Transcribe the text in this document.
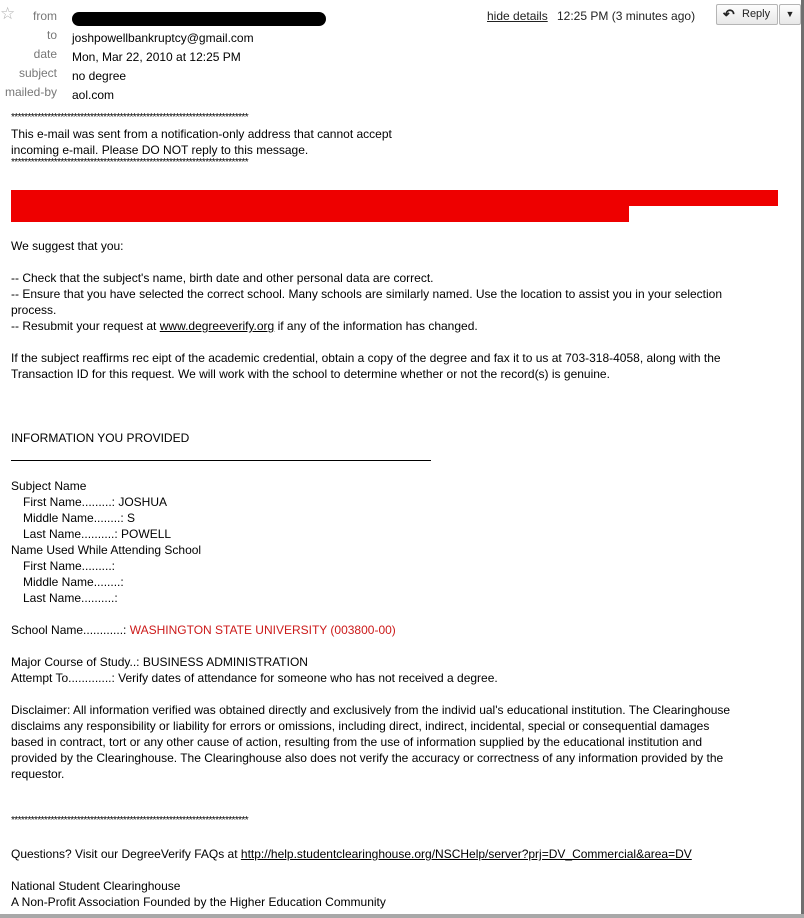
☆	from
to joshpowellbankruptcy@gmail.com
date Mon, Mar 22, 2010 at 12:25 PM
subject no degree
mailed-by aol.com
hide details 12:25 PM (3 minutes ago) ↶ Reply	▼
************************************************************************
This e-mail was sent from a notification-only address that cannot accept
incoming e-mail. Please DO NOT reply to this message.
************************************************************************
Because the information you provided did not match any records in our database, we asked the school to research your request. The
school was unable to locate either a degree or enrollment record for the subject of your verification request.
We suggest that you:
-- Check that the subject's name, birth date and other personal data are correct.
-- Ensure that you have selected the correct school. Many schools are similarly named. Use the location to assist you in your selection
process.
-- Resubmit your request at www.degreeverify.org if any of the information has changed.
If the subject reaffirms rec eipt of the academic credential, obtain a copy of the degree and fax it to us at 703-318-4058, along with the
Transaction ID for this request. We will work with the school to determine whether or not the record(s) is genuine.
INFORMATION YOU PROVIDED
Subject Name
First Name.........: JOSHUA
Middle Name........: S
Last Name..........: POWELL
Name Used While Attending School
First Name.........:
Middle Name........:
Last Name..........:
School Name............: WASHINGTON STATE UNIVERSITY (003800-00)
Major Course of Study..: BUSINESS ADMINISTRATION
Attempt To.............: Verify dates of attendance for someone who has not received a degree.
Disclaimer: All information verified was obtained directly and exclusively from the individ ual's educational institution. The Clearinghouse
disclaims any responsibility or liability for errors or omissions, including direct, indirect, incidental, special or consequential damages
based in contract, tort or any other cause of action, resulting from the use of information supplied by the educational institution and
provided by the Clearinghouse. The Clearinghouse also does not verify the accuracy or correctness of any information provided by the
requestor.
************************************************************************
Questions? Visit our DegreeVerify FAQs at http://help.studentclearinghouse.org/NSCHelp/server?prj=DV_Commercial&area=DV
National Student Clearinghouse
A Non-Profit Association Founded by the Higher Education Community
